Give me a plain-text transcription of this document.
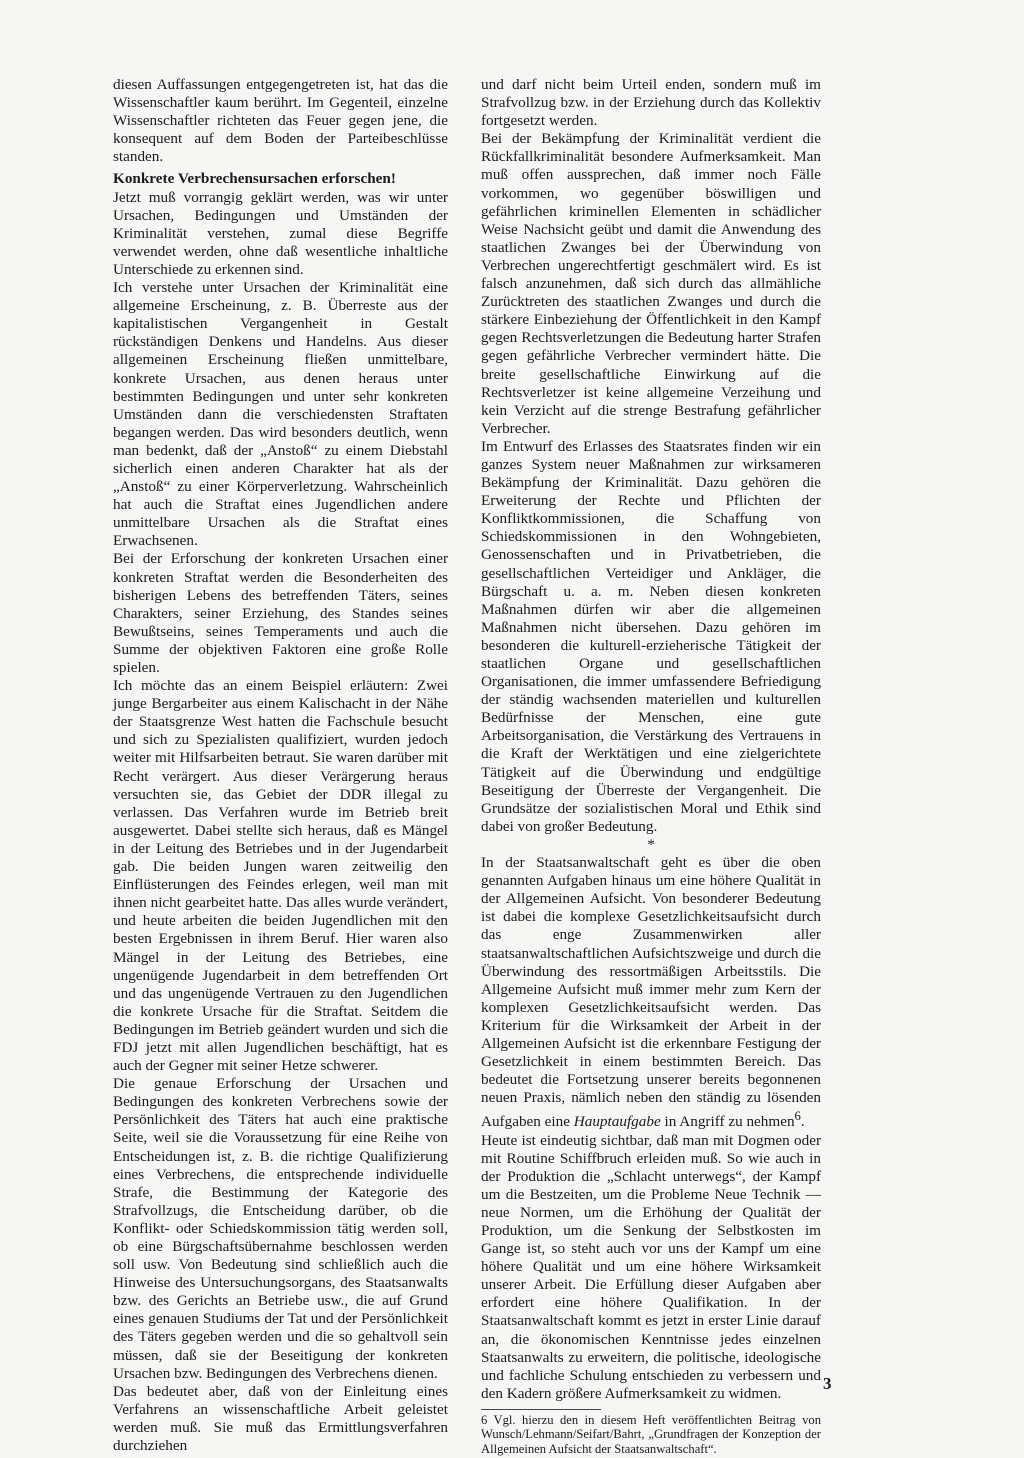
diesen Auffassungen entgegengetreten ist, hat das die Wissenschaftler kaum berührt. Im Gegenteil, einzelne Wissenschaftler richteten das Feuer gegen jene, die konsequent auf dem Boden der Parteibeschlüsse standen.

Konkrete Verbrechensursachen erforschen!

Jetzt muß vorrangig geklärt werden, was wir unter Ursachen, Bedingungen und Umständen der Kriminalität verstehen, zumal diese Begriffe verwendet werden, ohne daß wesentliche inhaltliche Unterschiede zu erkennen sind.

Ich verstehe unter Ursachen der Kriminalität eine allgemeine Erscheinung, z. B. Überreste aus der kapitalistischen Vergangenheit in Gestalt rückständigen Denkens und Handelns. Aus dieser allgemeinen Erscheinung fließen unmittelbare, konkrete Ursachen, aus denen heraus unter bestimmten Bedingungen und unter sehr konkreten Umständen dann die verschiedensten Straftaten begangen werden. Das wird besonders deutlich, wenn man bedenkt, daß der „Anstoß“ zu einem Diebstahl sicherlich einen anderen Charakter hat als der „Anstoß“ zu einer Körperverletzung. Wahrscheinlich hat auch die Straftat eines Jugendlichen andere unmittelbare Ursachen als die Straftat eines Erwachsenen.

Bei der Erforschung der konkreten Ursachen einer konkreten Straftat werden die Besonderheiten des bisherigen Lebens des betreffenden Täters, seines Charakters, seiner Erziehung, des Standes seines Bewußtseins, seines Temperaments und auch die Summe der objektiven Faktoren eine große Rolle spielen.

Ich möchte das an einem Beispiel erläutern: Zwei junge Bergarbeiter aus einem Kalischacht in der Nähe der Staatsgrenze West hatten die Fachschule besucht und sich zu Spezialisten qualifiziert, wurden jedoch weiter mit Hilfsarbeiten betraut. Sie waren darüber mit Recht verärgert. Aus dieser Verärgerung heraus versuchten sie, das Gebiet der DDR illegal zu verlassen. Das Verfahren wurde im Betrieb breit ausgewertet. Dabei stellte sich heraus, daß es Mängel in der Leitung des Betriebes und in der Jugendarbeit gab. Die beiden Jungen waren zeitweilig den Einflüsterungen des Feindes erlegen, weil man mit ihnen nicht gearbeitet hatte. Das alles wurde verändert, und heute arbeiten die beiden Jugendlichen mit den besten Ergebnissen in ihrem Beruf. Hier waren also Mängel in der Leitung des Betriebes, eine ungenügende Jugendarbeit in dem betreffenden Ort und das ungenügende Vertrauen zu den Jugendlichen die konkrete Ursache für die Straftat. Seitdem die Bedingungen im Betrieb geändert wurden und sich die FDJ jetzt mit allen Jugendlichen beschäftigt, hat es auch der Gegner mit seiner Hetze schwerer.

Die genaue Erforschung der Ursachen und Bedingungen des konkreten Verbrechens sowie der Persönlichkeit des Täters hat auch eine praktische Seite, weil sie die Voraussetzung für eine Reihe von Entscheidungen ist, z. B. die richtige Qualifizierung eines Verbrechens, die entsprechende individuelle Strafe, die Bestimmung der Kategorie des Strafvollzugs, die Entscheidung darüber, ob die Konflikt- oder Schiedskommission tätig werden soll, ob eine Bürgschaftsübernahme beschlossen werden soll usw. Von Bedeutung sind schließlich auch die Hinweise des Untersuchungsorgans, des Staatsanwalts bzw. des Gerichts an Betriebe usw., die auf Grund eines genauen Studiums der Tat und der Persönlichkeit des Täters gegeben werden und die so gehaltvoll sein müssen, daß sie der Beseitigung der konkreten Ursachen bzw. Bedingungen des Verbrechens dienen.

Das bedeutet aber, daß von der Einleitung eines Verfahrens an wissenschaftliche Arbeit geleistet werden muß. Sie muß das Ermittlungsverfahren durchziehen

und darf nicht beim Urteil enden, sondern muß im Strafvollzug bzw. in der Erziehung durch das Kollektiv fortgesetzt werden.

Bei der Bekämpfung der Kriminalität verdient die Rückfallkriminalität besondere Aufmerksamkeit. Man muß offen aussprechen, daß immer noch Fälle vorkommen, wo gegenüber böswilligen und gefährlichen kriminellen Elementen in schädlicher Weise Nachsicht geübt und damit die Anwendung des staatlichen Zwanges bei der Überwindung von Verbrechen ungerechtfertigt geschmälert wird. Es ist falsch anzunehmen, daß sich durch das allmähliche Zurücktreten des staatlichen Zwanges und durch die stärkere Einbeziehung der Öffentlichkeit in den Kampf gegen Rechtsverletzungen die Bedeutung harter Strafen gegen gefährliche Verbrecher vermindert hätte. Die breite gesellschaftliche Einwirkung auf die Rechtsverletzer ist keine allgemeine Verzeihung und kein Verzicht auf die strenge Bestrafung gefährlicher Verbrecher.

Im Entwurf des Erlasses des Staatsrates finden wir ein ganzes System neuer Maßnahmen zur wirksameren Bekämpfung der Kriminalität. Dazu gehören die Erweiterung der Rechte und Pflichten der Konfliktkommissionen, die Schaffung von Schiedskommissionen in den Wohngebieten, Genossenschaften und in Privatbetrieben, die gesellschaftlichen Verteidiger und Ankläger, die Bürgschaft u. a. m. Neben diesen konkreten Maßnahmen dürfen wir aber die allgemeinen Maßnahmen nicht übersehen. Dazu gehören im besonderen die kulturell-erzieherische Tätigkeit der staatlichen Organe und gesellschaftlichen Organisationen, die immer umfassendere Befriedigung der ständig wachsenden materiellen und kulturellen Bedürfnisse der Menschen, eine gute Arbeitsorganisation, die Verstärkung des Vertrauens in die Kraft der Werktätigen und eine zielgerichtete Tätigkeit auf die Überwindung und endgültige Beseitigung der Überreste der Vergangenheit. Die Grundsätze der sozialistischen Moral und Ethik sind dabei von großer Bedeutung.

*

In der Staatsanwaltschaft geht es über die oben genannten Aufgaben hinaus um eine höhere Qualität in der Allgemeinen Aufsicht. Von besonderer Bedeutung ist dabei die komplexe Gesetzlichkeitsaufsicht durch das enge Zusammenwirken aller staatsanwaltschaftlichen Aufsichtszweige und durch die Überwindung des ressortmäßigen Arbeitsstils. Die Allgemeine Aufsicht muß immer mehr zum Kern der komplexen Gesetzlichkeitsaufsicht werden. Das Kriterium für die Wirksamkeit der Arbeit in der Allgemeinen Aufsicht ist die erkennbare Festigung der Gesetzlichkeit in einem bestimmten Bereich. Das bedeutet die Fortsetzung unserer bereits begonnenen neuen Praxis, nämlich neben den ständig zu lösenden Aufgaben eine Hauptaufgabe in Angriff zu nehmen$^6$.

Heute ist eindeutig sichtbar, daß man mit Dogmen oder mit Routine Schiffbruch erleiden muß. So wie auch in der Produktion die „Schlacht unterwegs“, der Kampf um die Bestzeiten, um die Probleme Neue Technik — neue Normen, um die Erhöhung der Qualität der Produktion, um die Senkung der Selbstkosten im Gange ist, so steht auch vor uns der Kampf um eine höhere Qualität und um eine höhere Wirksamkeit unserer Arbeit. Die Erfüllung dieser Aufgaben aber erfordert eine höhere Qualifikation. In der Staatsanwaltschaft kommt es jetzt in erster Linie darauf an, die ökonomischen Kenntnisse jedes einzelnen Staatsanwalts zu erweitern, die politische, ideologische und fachliche Schulung entschieden zu verbessern und den Kadern größere Aufmerksamkeit zu widmen.

6 Vgl. hierzu den in diesem Heft veröffentlichten Beitrag von Wunsch/Lehmann/Seifart/Bahrt, „Grundfragen der Konzeption der Allgemeinen Aufsicht der Staatsanwaltschaft“.

3
